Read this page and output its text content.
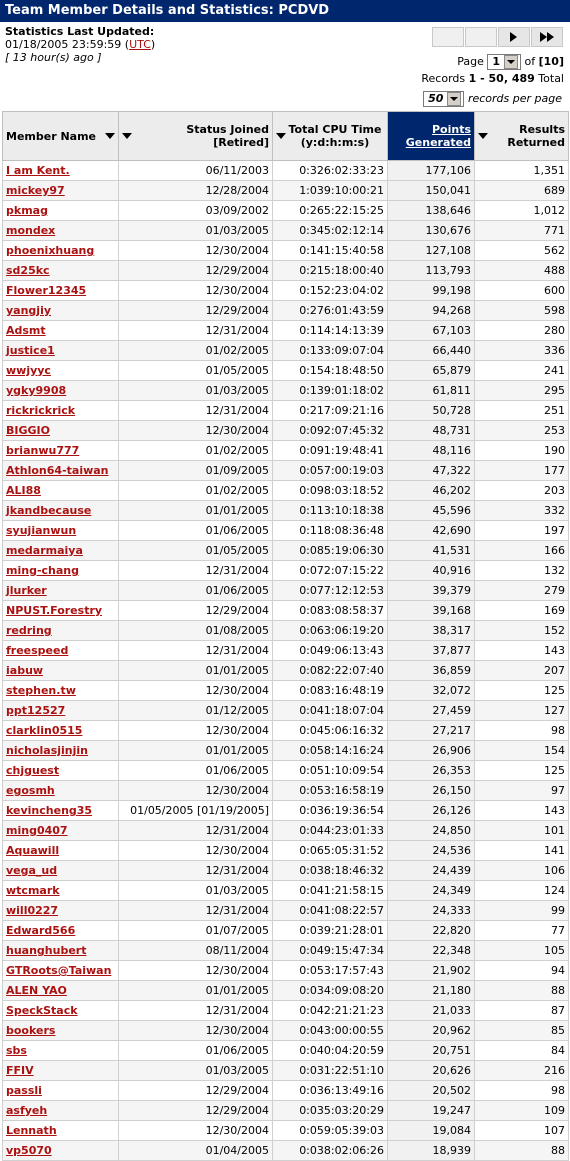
Team Member Details and Statistics: PCDVD
Statistics Last Updated:
01/18/2005 23:59:59 (UTC)
[ 13 hour(s) ago ]	Page 1 of [10]
Records 1 - 50, 489 Total
50 records per page
Member Name	Status Joined [Retired]	Total CPU Time (y:d:h:m:s)	Points Generated	Results Returned

I am Kent.	06/11/2003	0:326:02:33:23	177,106	1,351
mickey97	12/28/2004	1:039:10:00:21	150,041	689
pkmag	03/09/2002	0:265:22:15:25	138,646	1,012
mondex	01/03/2005	0:345:02:12:14	130,676	771
phoenixhuang	12/30/2004	0:141:15:40:58	127,108	562
sd25kc	12/29/2004	0:215:18:00:40	113,793	488
Flower12345	12/30/2004	0:152:23:04:02	99,198	600
yangjiy	12/29/2004	0:276:01:43:59	94,268	598
Adsmt	12/31/2004	0:114:14:13:39	67,103	280
justice1	01/02/2005	0:133:09:07:04	66,440	336
wwjyyc	01/05/2005	0:154:18:48:50	65,879	241
ygky9908	01/03/2005	0:139:01:18:02	61,811	295
rickrickrick	12/31/2004	0:217:09:21:16	50,728	251
BIGGIO	12/30/2004	0:092:07:45:32	48,731	253
brianwu777	01/02/2005	0:091:19:48:41	48,116	190
Athlon64-taiwan	01/09/2005	0:057:00:19:03	47,322	177
ALI88	01/02/2005	0:098:03:18:52	46,202	203
jkandbecause	01/01/2005	0:113:10:18:38	45,596	332
syujianwun	01/06/2005	0:118:08:36:48	42,690	197
medarmaiya	01/05/2005	0:085:19:06:30	41,531	166
ming-chang	12/31/2004	0:072:07:15:22	40,916	132
jlurker	01/06/2005	0:077:12:12:53	39,379	279
NPUST.Forestry	12/29/2004	0:083:08:58:37	39,168	169
redring	01/08/2005	0:063:06:19:20	38,317	152
freespeed	12/31/2004	0:049:06:13:43	37,877	143
iabuw	01/01/2005	0:082:22:07:40	36,859	207
stephen.tw	12/30/2004	0:083:16:48:19	32,072	125
ppt12527	01/12/2005	0:041:18:07:04	27,459	127
clarklin0515	12/30/2004	0:045:06:16:32	27,217	98
nicholasjinjin	01/01/2005	0:058:14:16:24	26,906	154
chjguest	01/06/2005	0:051:10:09:54	26,353	125
egosmh	12/30/2004	0:053:16:58:19	26,150	97
kevincheng35	01/05/2005 [01/19/2005]	0:036:19:36:54	26,126	143
ming0407	12/31/2004	0:044:23:01:33	24,850	101
Aquawill	12/30/2004	0:065:05:31:52	24,536	141
vega_ud	12/31/2004	0:038:18:46:32	24,439	106
wtcmark	01/03/2005	0:041:21:58:15	24,349	124
will0227	12/31/2004	0:041:08:22:57	24,333	99
Edward566	01/07/2005	0:039:21:28:01	22,820	77
huanghubert	08/11/2004	0:049:15:47:34	22,348	105
GTRoots@Taiwan	12/30/2004	0:053:17:57:43	21,902	94
ALEN YAO	01/01/2005	0:034:09:08:20	21,180	88
SpeckStack	12/31/2004	0:042:21:21:23	21,033	87
bookers	12/30/2004	0:043:00:00:55	20,962	85
sbs	01/06/2005	0:040:04:20:59	20,751	84
FFIV	01/03/2005	0:031:22:51:10	20,626	216
passli	12/29/2004	0:036:13:49:16	20,502	98
asfyeh	12/29/2004	0:035:03:20:29	19,247	109
Lennath	12/30/2004	0:059:05:39:03	19,084	107
vp5070	01/04/2005	0:038:02:06:26	18,939	88
